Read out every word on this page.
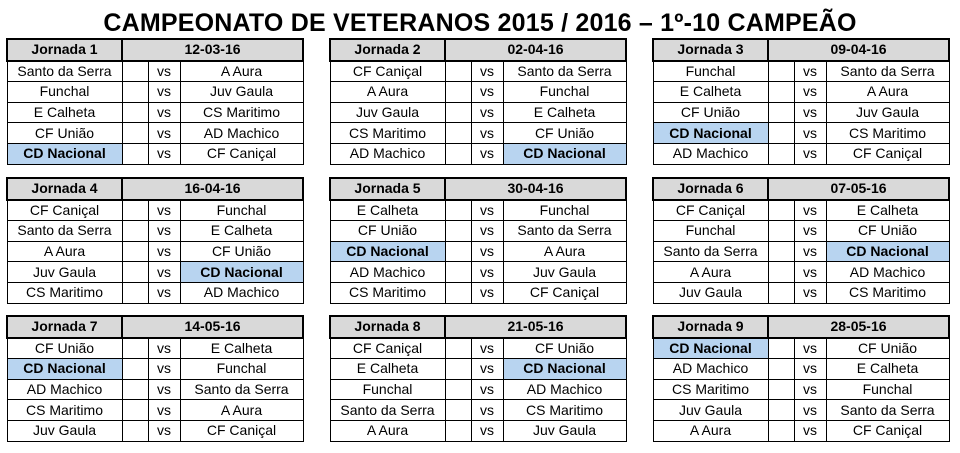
CAMPEONATO DE VETERANOS 2015 / 2016 – 1º-10 CAMPEÃO
Jornada 1	12-03-16		
Santo da Serra		vs	A Aura
Funchal		vs	Juv Gaula
E Calheta		vs	CS Maritimo
CF União		vs	AD Machico
CD Nacional		vs	CF Caniçal
Jornada 2	02-04-16		
CF Caniçal		vs	Santo da Serra
A Aura		vs	Funchal
Juv Gaula		vs	E Calheta
CS Maritimo		vs	CF União
AD Machico		vs	CD Nacional
Jornada 3	09-04-16		
Funchal		vs	Santo da Serra
E Calheta		vs	A Aura
CF União		vs	Juv Gaula
CD Nacional		vs	CS Maritimo
AD Machico		vs	CF Caniçal
Jornada 4	16-04-16		
CF Caniçal		vs	Funchal
Santo da Serra		vs	E Calheta
A Aura		vs	CF União
Juv Gaula		vs	CD Nacional
CS Maritimo		vs	AD Machico
Jornada 5	30-04-16		
E Calheta		vs	Funchal
CF União		vs	Santo da Serra
CD Nacional		vs	A Aura
AD Machico		vs	Juv Gaula
CS Maritimo		vs	CF Caniçal
Jornada 6	07-05-16		
CF Caniçal		vs	E Calheta
Funchal		vs	CF União
Santo da Serra		vs	CD Nacional
A Aura		vs	AD Machico
Juv Gaula		vs	CS Maritimo
Jornada 7	14-05-16		
CF União		vs	E Calheta
CD Nacional		vs	Funchal
AD Machico		vs	Santo da Serra
CS Maritimo		vs	A Aura
Juv Gaula		vs	CF Caniçal
Jornada 8	21-05-16		
CF Caniçal		vs	CF União
E Calheta		vs	CD Nacional
Funchal		vs	AD Machico
Santo da Serra		vs	CS Maritimo
A Aura		vs	Juv Gaula
Jornada 9	28-05-16		
CD Nacional		vs	CF União
AD Machico		vs	E Calheta
CS Maritimo		vs	Funchal
Juv Gaula		vs	Santo da Serra
A Aura		vs	CF Caniçal
